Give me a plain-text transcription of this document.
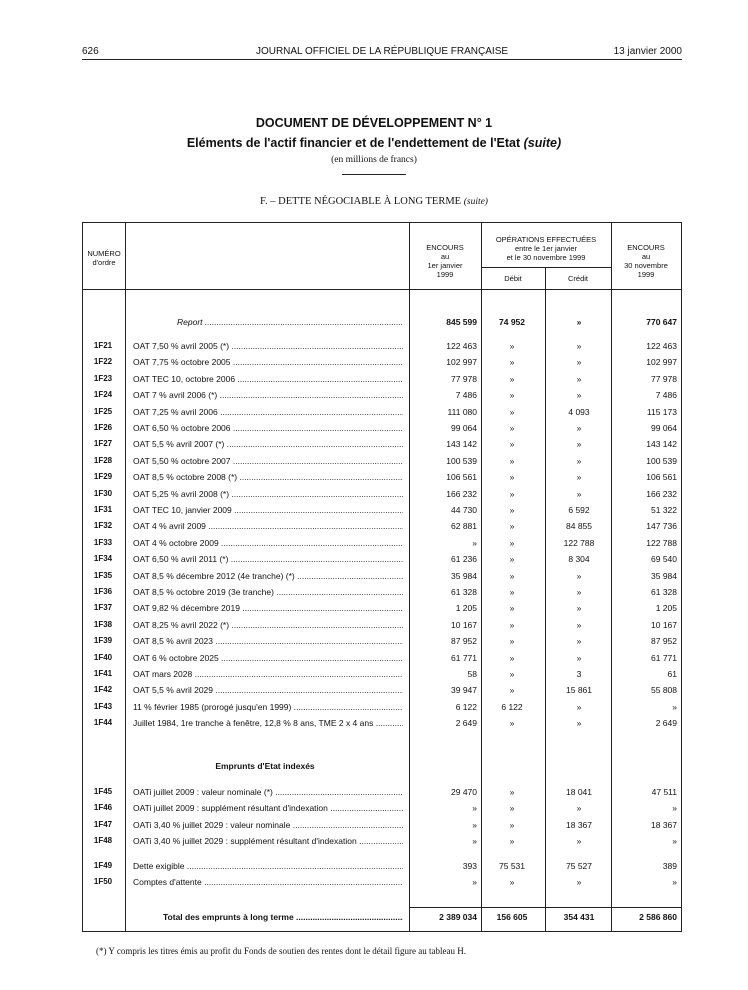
626	JOURNAL OFFICIEL DE LA RÉPUBLIQUE FRANÇAISE	13 janvier 2000
DOCUMENT DE DÉVELOPPEMENT N° 1
Eléments de l'actif financier et de l'endettement de l'Etat (suite)
(en millions de francs)
F. – DETTE NÉGOCIABLE À LONG TERME (suite)
NUMÉRO
d'ordre
ENCOURS
au
1er janvier
1999
OPÉRATIONS EFFECTUÉES
entre le 1er janvier
et le 30 novembre 1999
Débit	Crédit
ENCOURS
au
30 novembre
1999
Report .....	845 599	74 952	»	770 647
1F21	OAT 7,50 % avril 2005 (*) .....	122 463	»	»	122 463
1F22	OAT 7,75 % octobre 2005 .....	102 997	»	»	102 997
1F23	OAT TEC 10, octobre 2006 .....	77 978	»	»	77 978
1F24	OAT 7 % avril 2006 (*) .....	7 486	»	»	7 486
1F25	OAT 7,25 % avril 2006 .....	111 080	»	4 093	115 173
1F26	OAT 6,50 % octobre 2006 .....	99 064	»	»	99 064
1F27	OAT 5,5 % avril 2007 (*) .....	143 142	»	»	143 142
1F28	OAT 5,50 % octobre 2007 .....	100 539	»	»	100 539
1F29	OAT 8,5 % octobre 2008 (*) .....	106 561	»	»	106 561
1F30	OAT 5,25 % avril 2008 (*) .....	166 232	»	»	166 232
1F31	OAT TEC 10, janvier 2009 .....	44 730	»	6 592	51 322
1F32	OAT 4 % avril 2009 .....	62 881	»	84 855	147 736
1F33	OAT 4 % octobre 2009 .....	»	»	122 788	122 788
1F34	OAT 6,50 % avril 2011 (*) .....	61 236	»	8 304	69 540
1F35	OAT 8,5 % décembre 2012 (4e tranche) (*) .....	35 984	»	»	35 984
1F36	OAT 8,5 % octobre 2019 (3e tranche) .....	61 328	»	»	61 328
1F37	OAT 9,82 % décembre 2019 .....	1 205	»	»	1 205
1F38	OAT 8,25 % avril 2022 (*) .....	10 167	»	»	10 167
1F39	OAT 8,5 % avril 2023 .....	87 952	»	»	87 952
1F40	OAT 6 % octobre 2025 .....	61 771	»	»	61 771
1F41	OAT mars 2028 .....	58	»	3	61
1F42	OAT 5,5 % avril 2029 .....	39 947	»	15 861	55 808
1F43	11 % février 1985 (prorogé jusqu'en 1999) .....	6 122	6 122	»	»
1F44	Juillet 1984, 1re tranche à fenêtre, 12,8 % 8 ans, TME 2 x 4 ans .....	2 649	»	»	2 649
Emprunts d'Etat indexés
1F45	OATi juillet 2009 : valeur nominale (*) .....	29 470	»	18 041	47 511
1F46	OATi juillet 2009 : supplément résultant d'indexation .....	»	»	»	»
1F47	OATi 3,40 % juillet 2029 : valeur nominale .....	»	»	18 367	18 367
1F48	OATi 3,40 % juillet 2029 : supplément résultant d'indexation .....	»	»	»	»
1F49	Dette exigible .....	393	75 531	75 527	389
1F50	Comptes d'attente .....	»	»	»	»
Total des emprunts à long terme .....	2 389 034	156 605	354 431	2 586 860
(*) Y compris les titres émis au profit du Fonds de soutien des rentes dont le détail figure au tableau H.
